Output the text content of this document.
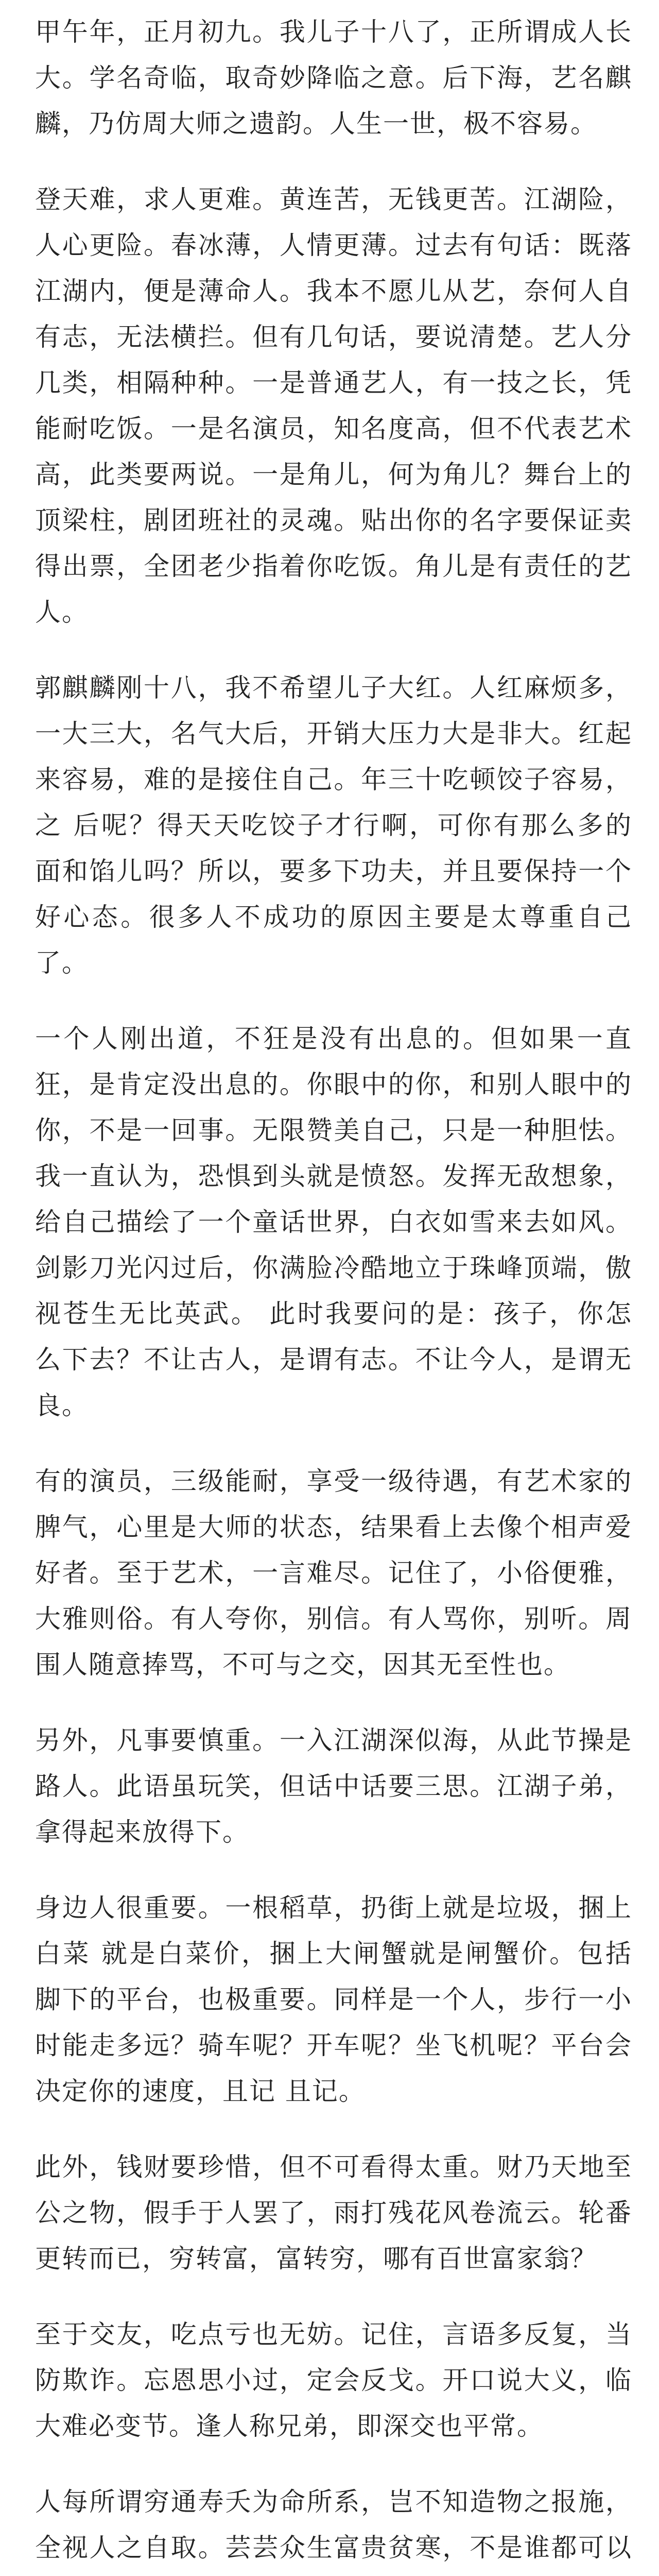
甲午年，正月初九。我儿子十八了，正所谓成人长大。学名奇临，取奇妙降临之意。后下海，艺名麒麟，乃仿周大师之遗韵。人生一世，极不容易。

登天难，求人更难。黄连苦，无钱更苦。江湖险，人心更险。春冰薄，人情更薄。过去有句话：既落江湖内，便是薄命人。我本不愿儿从艺，奈何人自有志，无法横拦。但有几句话，要说清楚。艺人分几类，相隔种种。一是普通艺人，有一技之长，凭能耐吃饭。一是名演员，知名度高，但不代表艺术高，此类要两说。一是角儿，何为角儿？舞台上的顶梁柱，剧团班社的灵魂。贴出你的名字要保证卖得出票，全团老少指着你吃饭。角儿是有责任的艺人。

郭麒麟刚十八，我不希望儿子大红。人红麻烦多，一大三大，名气大后，开销大压力大是非大。红起来容易，难的是接住自己。年三十吃顿饺子容易，之 后呢？得天天吃饺子才行啊，可你有那么多的面和馅儿吗？所以，要多下功夫，并且要保持一个好心态。很多人不成功的原因主要是太尊重自己了。

一个人刚出道，不狂是没有出息的。但如果一直狂，是肯定没出息的。你眼中的你，和别人眼中的你，不是一回事。无限赞美自己，只是一种胆怯。我一直认为，恐惧到头就是愤怒。发挥无敌想象，给自己描绘了一个童话世界，白衣如雪来去如风。剑影刀光闪过后，你满脸冷酷地立于珠峰顶端，傲视苍生无比英武。 此时我要问的是：孩子，你怎么下去？不让古人，是谓有志。不让今人，是谓无良。

有的演员，三级能耐，享受一级待遇，有艺术家的脾气，心里是大师的状态，结果看上去像个相声爱好者。至于艺术，一言难尽。记住了，小俗便雅，大雅则俗。有人夸你，别信。有人骂你，别听。周围人随意捧骂，不可与之交，因其无至性也。

另外，凡事要慎重。一入江湖深似海，从此节操是路人。此语虽玩笑，但话中话要三思。江湖子弟，拿得起来放得下。

身边人很重要。一根稻草，扔街上就是垃圾，捆上白菜 就是白菜价，捆上大闸蟹就是闸蟹价。包括脚下的平台，也极重要。同样是一个人，步行一小时能走多远？骑车呢？开车呢？坐飞机呢？平台会决定你的速度，且记 且记。

此外，钱财要珍惜，但不可看得太重。财乃天地至公之物，假手于人罢了，雨打残花风卷流云。轮番更转而已，穷转富，富转穷，哪有百世富家翁？

至于交友，吃点亏也无妨。记住，言语多反复，当防欺诈。忘恩思小过，定会反戈。开口说大义，临大难必变节。逢人称兄弟，即深交也平常。

人每所谓穷通寿夭为命所系，岂不知造物之报施，全视人之自取。芸芸众生富贵贫寒，不是谁都可以
